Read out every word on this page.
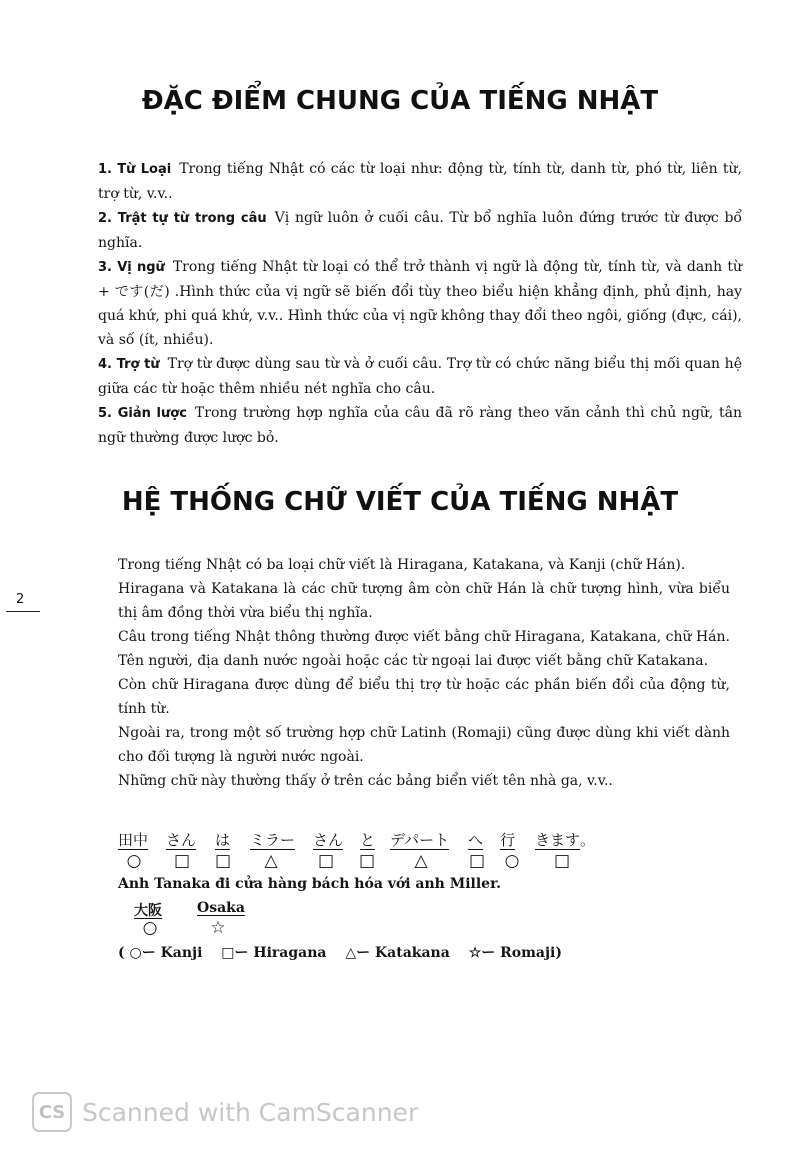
ĐẶC ĐIỂM CHUNG CỦA TIẾNG NHẬT
1. Từ Loại Trong tiếng Nhật có các từ loại như: động từ, tính từ, danh từ, phó từ, liên từ, trợ từ, v.v..
2. Trật tự từ trong câu Vị ngữ luôn ở cuối câu. Từ bổ nghĩa luôn đứng trước từ được bổ nghĩa.
3. Vị ngữ Trong tiếng Nhật từ loại có thể trở thành vị ngữ là động từ, tính từ, và danh từ + です(だ) .Hình thức của vị ngữ sẽ biến đổi tùy theo biểu hiện khẳng định, phủ định, hay quá khứ, phi quá khứ, v.v.. Hình thức của vị ngữ không thay đổi theo ngôi, giống (đực, cái), và số (ít, nhiều).
4. Trợ từ Trợ từ được dùng sau từ và ở cuối câu. Trợ từ có chức năng biểu thị mối quan hệ giữa các từ hoặc thêm nhiều nét nghĩa cho câu.
5. Giản lược Trong trường hợp nghĩa của câu đã rõ ràng theo văn cảnh thì chủ ngữ, tân ngữ thường được lược bỏ.
HỆ THỐNG CHỮ VIẾT CỦA TIẾNG NHẬT
2

Trong tiếng Nhật có ba loại chữ viết là Hiragana, Katakana, và Kanji (chữ Hán).

Hiragana và Katakana là các chữ tượng âm còn chữ Hán là chữ tượng hình, vừa biểu thị âm đồng thời vừa biểu thị nghĩa.

Câu trong tiếng Nhật thông thường được viết bằng chữ Hiragana, Katakana, chữ Hán. Tên người, địa danh nước ngoài hoặc các từ ngoại lai được viết bằng chữ Katakana.

Còn chữ Hiragana được dùng để biểu thị trợ từ hoặc các phần biến đổi của động từ, tính từ.

Ngoài ra, trong một số trường hợp chữ Latinh (Romaji) cũng được dùng khi viết dành cho đối tượng là người nước ngoài.

Những chữ này thường thấy ở trên các bảng biển viết tên nhà ga, v.v..

田中 さん は ミラー さん と デパート へ 行 きます 。
○ □ □ △ □ □ △ □ ○ □
Anh Tanaka đi cửa hàng bách hóa với anh Miller.
大阪	Osaka
○	☆
( ○ー Kanji □ー Hiragana △ー Katakana ☆ー Romaji)
CS Scanned with CamScanner
